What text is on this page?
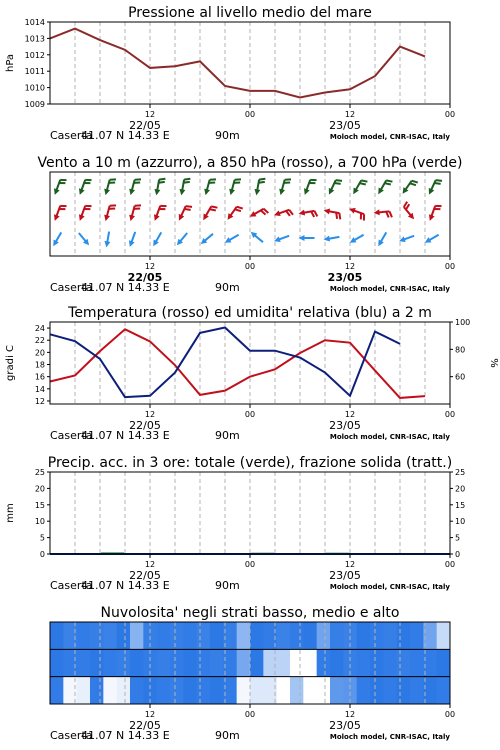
Pressione al livello medio del mare
1009
1010
1011
1012
1013
1014
hPa
12	00	12	00
22/05	23/05
Caserta
41.07 N 14.33 E	90m	Moloch model, CNR-ISAC, Italy
Vento a 10 m (azzurro), a 850 hPa (rosso), a 700 hPa (verde)
12	00	12	00
22/05	23/05
Caserta
41.07 N 14.33 E	90m	Moloch model, CNR-ISAC, Italy
Temperatura (rosso) ed umidita' relativa (blu) a 2 m
12
14
16
18
20
22
24
60
80
100
gradi C	%
12	00	12	00
22/05	23/05
Caserta
41.07 N 14.33 E	90m	Moloch model, CNR-ISAC, Italy
Precip. acc. in 3 ore: totale (verde), frazione solida (tratt.)
0
5
10
15
20
25
0
5
10
15
20
25
mm
12	00	12	00
22/05	23/05
Caserta
41.07 N 14.33 E	90m	Moloch model, CNR-ISAC, Italy
Nuvolosita' negli strati basso, medio e alto
12	00	12	00
22/05	23/05
Caserta
41.07 N 14.33 E	90m	Moloch model, CNR-ISAC, Italy
